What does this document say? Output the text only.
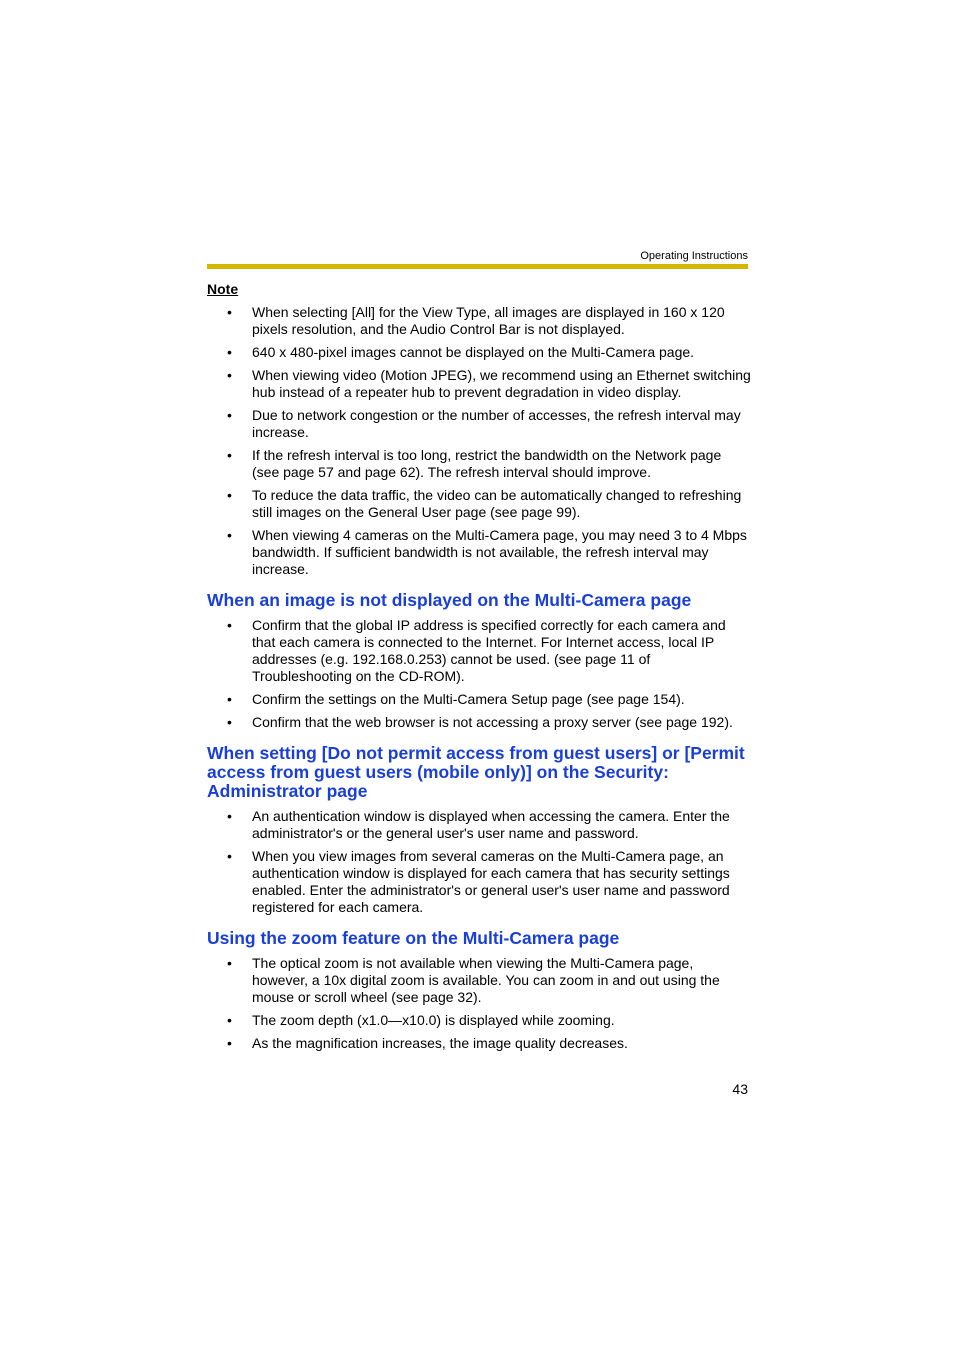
Operating Instructions
Note
• When selecting [All] for the View Type, all images are displayed in 160 x 120 pixels resolution, and the Audio Control Bar is not displayed.
• 640 x 480-pixel images cannot be displayed on the Multi-Camera page.
• When viewing video (Motion JPEG), we recommend using an Ethernet switching hub instead of a repeater hub to prevent degradation in video display.
• Due to network congestion or the number of accesses, the refresh interval may increase.
• If the refresh interval is too long, restrict the bandwidth on the Network page (see page 57 and page 62). The refresh interval should improve.
• To reduce the data traffic, the video can be automatically changed to refreshing still images on the General User page (see page 99).
• When viewing 4 cameras on the Multi-Camera page, you may need 3 to 4 Mbps bandwidth. If sufficient bandwidth is not available, the refresh interval may increase.
When an image is not displayed on the Multi-Camera page
• Confirm that the global IP address is specified correctly for each camera and that each camera is connected to the Internet. For Internet access, local IP addresses (e.g. 192.168.0.253) cannot be used. (see page 11 of Troubleshooting on the CD-ROM).
• Confirm the settings on the Multi-Camera Setup page (see page 154).
• Confirm that the web browser is not accessing a proxy server (see page 192).
When setting [Do not permit access from guest users] or [Permit access from guest users (mobile only)] on the Security: Administrator page
• An authentication window is displayed when accessing the camera. Enter the administrator's or the general user's user name and password.
• When you view images from several cameras on the Multi-Camera page, an authentication window is displayed for each camera that has security settings enabled. Enter the administrator's or general user's user name and password registered for each camera.
Using the zoom feature on the Multi-Camera page
• The optical zoom is not available when viewing the Multi-Camera page, however, a 10x digital zoom is available. You can zoom in and out using the mouse or scroll wheel (see page 32).
• The zoom depth (x1.0—x10.0) is displayed while zooming.
• As the magnification increases, the image quality decreases.
43
